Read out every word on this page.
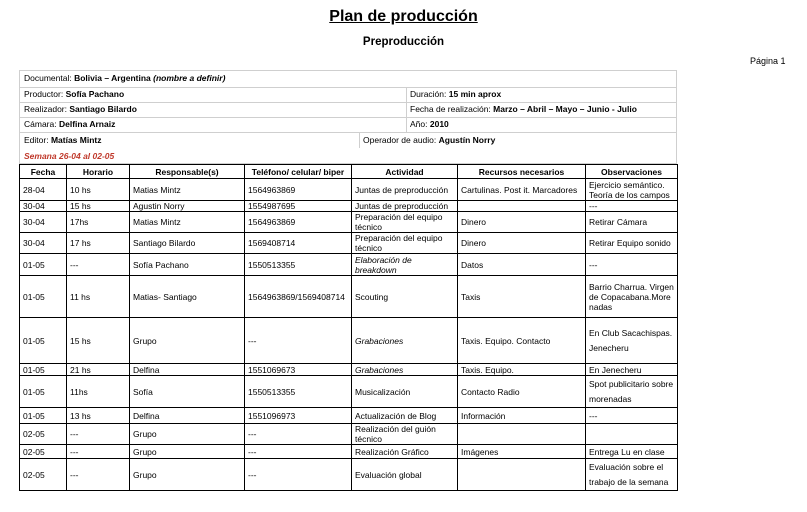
Plan de producción
Preproducción
Página 1
Documental: Bolivia – Argentina (nombre a definir)
Productor: Sofía Pachano	Duración: 15 min aprox
Realizador: Santiago Bilardo	Fecha de realización: Marzo – Abril – Mayo – Junio - Julio
Cámara: Delfina Arnaiz	Año: 2010
Editor: Matías Mintz	Operador de audio: Agustín Norry
Semana 26-04 al 02-05
Fecha	Horario	Responsable(s)	Teléfono/ celular/ biper	Actividad	Recursos necesarios	Observaciones
28-04	10 hs	Matias Mintz	1564963869	Juntas de preproducción	Cartulinas. Post it. Marcadores	Ejercicio semántico. Teoría de los campos
30-04	15 hs	Agustin Norry	1554987695	Juntas de preproducción		---
30-04	17hs	Matias Mintz	1564963869	Preparación del equipo técnico	Dinero	Retirar Cámara
30-04	17 hs	Santiago Bilardo	1569408714	Preparación del equipo técnico	Dinero	Retirar Equipo sonido
01-05	---	Sofía Pachano	1550513355	Elaboración de breakdown	Datos	---
01-05	11 hs	Matias- Santiago	1564963869/1569408714	Scouting	Taxis	Barrio Charrua. Virgen de Copacabana.Morenadas
01-05	15 hs	Grupo	---	Grabaciones	Taxis. Equipo. Contacto	En Club Sacachispas. Jenecheru
01-05	21 hs	Delfina	1551069673	Grabaciones	Taxis. Equipo.	En Jenecheru
01-05	11hs	Sofía	1550513355	Musicalización	Contacto Radio	Spot publicitario sobre morenadas
01-05	13 hs	Delfina	1551096973	Actualización de Blog	Información	---
02-05	---	Grupo	---	Realización del guión técnico		
02-05	---	Grupo	---	Realización Gráfico	Imágenes	Entrega Lu en clase
02-05	---	Grupo	---	Evaluación global		Evaluación sobre el trabajo de la semana
